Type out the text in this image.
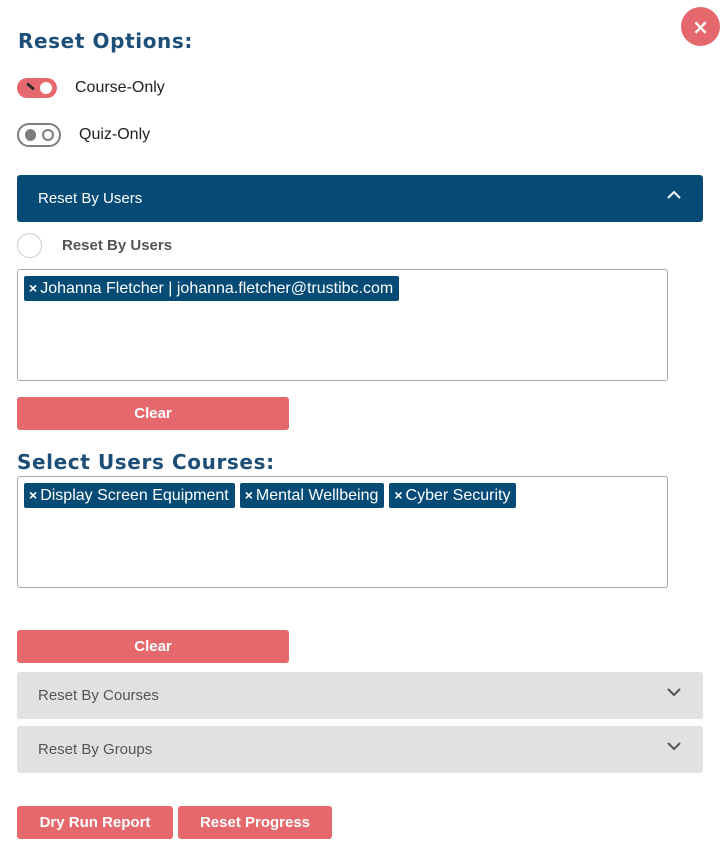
×
Reset Options:
Course-Only
Quiz-Only
Reset By Users
Reset By Users
× Johanna Fletcher | johanna.fletcher@trustibc.com
Clear
Select Users Courses:
× Display Screen Equipment × Mental Wellbeing × Cyber Security
Clear
Reset By Courses
Reset By Groups
Dry Run Report	Reset Progress
